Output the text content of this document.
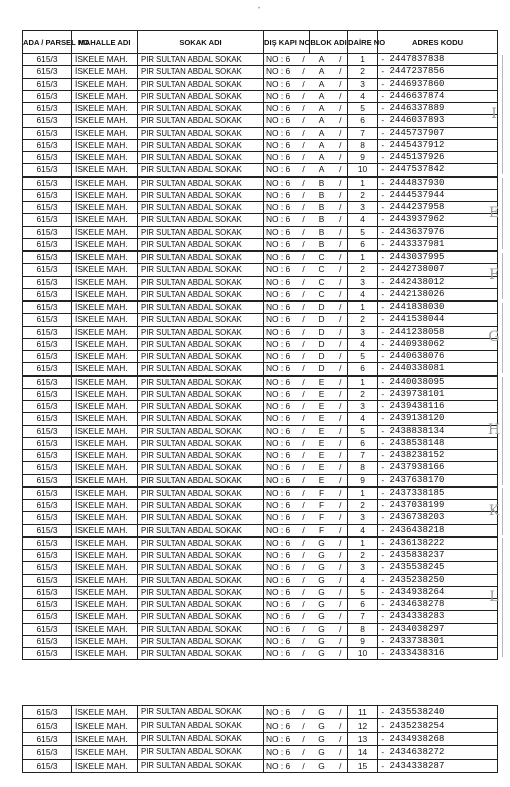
•
ADA / PARSEL NO	MAHALLE ADI	SOKAK ADI	DIŞ KAPI NO		BLOK ADI		DAİRE NO	ADRES KODU	
615/3	İSKELE MAH.	PIR SULTAN ABDAL SOKAK	NO : 6	/	A	/	1	-	2447837838
615/3	İSKELE MAH.	PIR SULTAN ABDAL SOKAK	NO : 6	/	A	/	2	-	2447237856
615/3	İSKELE MAH.	PIR SULTAN ABDAL SOKAK	NO : 6	/	A	/	3	-	2446937860
615/3	İSKELE MAH.	PIR SULTAN ABDAL SOKAK	NO : 6	/	A	/	4	-	2446637874
615/3	İSKELE MAH.	PIR SULTAN ABDAL SOKAK	NO : 6	/	A	/	5	-	2446337889
615/3	İSKELE MAH.	PIR SULTAN ABDAL SOKAK	NO : 6	/	A	/	6	-	2446037893
615/3	İSKELE MAH.	PIR SULTAN ABDAL SOKAK	NO : 6	/	A	/	7	-	2445737907
615/3	İSKELE MAH.	PIR SULTAN ABDAL SOKAK	NO : 6	/	A	/	8	-	2445437912
615/3	İSKELE MAH.	PIR SULTAN ABDAL SOKAK	NO : 6	/	A	/	9	-	2445137926
615/3	İSKELE MAH.	PIR SULTAN ABDAL SOKAK	NO : 6	/	A	/	10	-	2447537842
615/3	İSKELE MAH.	PIR SULTAN ABDAL SOKAK	NO : 6	/	B	/	1	-	2444837930
615/3	İSKELE MAH.	PIR SULTAN ABDAL SOKAK	NO : 6	/	B	/	2	-	2444537944
615/3	İSKELE MAH.	PIR SULTAN ABDAL SOKAK	NO : 6	/	B	/	3	-	2444237958
615/3	İSKELE MAH.	PIR SULTAN ABDAL SOKAK	NO : 6	/	B	/	4	-	2443937962
615/3	İSKELE MAH.	PIR SULTAN ABDAL SOKAK	NO : 6	/	B	/	5	-	2443637976
615/3	İSKELE MAH.	PIR SULTAN ABDAL SOKAK	NO : 6	/	B	/	6	-	2443337981
615/3	İSKELE MAH.	PIR SULTAN ABDAL SOKAK	NO : 6	/	C	/	1	-	2443037995
615/3	İSKELE MAH.	PIR SULTAN ABDAL SOKAK	NO : 6	/	C	/	2	-	2442738007
615/3	İSKELE MAH.	PIR SULTAN ABDAL SOKAK	NO : 6	/	C	/	3	-	2442438012
615/3	İSKELE MAH.	PIR SULTAN ABDAL SOKAK	NO : 6	/	C	/	4	-	2442138026
615/3	İSKELE MAH.	PIR SULTAN ABDAL SOKAK	NO : 6	/	D	/	1	-	2441838030
615/3	İSKELE MAH.	PIR SULTAN ABDAL SOKAK	NO : 6	/	D	/	2	-	2441538044
615/3	İSKELE MAH.	PIR SULTAN ABDAL SOKAK	NO : 6	/	D	/	3	-	2441238058
615/3	İSKELE MAH.	PIR SULTAN ABDAL SOKAK	NO : 6	/	D	/	4	-	2440938062
615/3	İSKELE MAH.	PIR SULTAN ABDAL SOKAK	NO : 6	/	D	/	5	-	2440638076
615/3	İSKELE MAH.	PIR SULTAN ABDAL SOKAK	NO : 6	/	D	/	6	-	2440338081
615/3	İSKELE MAH.	PIR SULTAN ABDAL SOKAK	NO : 6	/	E	/	1	-	2440038095
615/3	İSKELE MAH.	PIR SULTAN ABDAL SOKAK	NO : 6	/	E	/	2	-	2439738101
615/3	İSKELE MAH.	PIR SULTAN ABDAL SOKAK	NO : 6	/	E	/	3	-	2439438116
615/3	İSKELE MAH.	PIR SULTAN ABDAL SOKAK	NO : 6	/	E	/	4	-	2439138120
615/3	İSKELE MAH.	PIR SULTAN ABDAL SOKAK	NO : 6	/	E	/	5	-	2438838134
615/3	İSKELE MAH.	PIR SULTAN ABDAL SOKAK	NO : 6	/	E	/	6	-	2438538148
615/3	İSKELE MAH.	PIR SULTAN ABDAL SOKAK	NO : 6	/	E	/	7	-	2438238152
615/3	İSKELE MAH.	PIR SULTAN ABDAL SOKAK	NO : 6	/	E	/	8	-	2437938166
615/3	İSKELE MAH.	PIR SULTAN ABDAL SOKAK	NO : 6	/	E	/	9	-	2437638170
615/3	İSKELE MAH.	PIR SULTAN ABDAL SOKAK	NO : 6	/	F	/	1	-	2437338185
615/3	İSKELE MAH.	PIR SULTAN ABDAL SOKAK	NO : 6	/	F	/	2	-	2437038199
615/3	İSKELE MAH.	PIR SULTAN ABDAL SOKAK	NO : 6	/	F	/	3	-	2436738203
615/3	İSKELE MAH.	PIR SULTAN ABDAL SOKAK	NO : 6	/	F	/	4	-	2436438218
615/3	İSKELE MAH.	PIR SULTAN ABDAL SOKAK	NO : 6	/	G	/	1	-	2436138222
615/3	İSKELE MAH.	PIR SULTAN ABDAL SOKAK	NO : 6	/	G	/	2	-	2435838237
615/3	İSKELE MAH.	PIR SULTAN ABDAL SOKAK	NO : 6	/	G	/	3	-	2435538245
615/3	İSKELE MAH.	PIR SULTAN ABDAL SOKAK	NO : 6	/	G	/	4	-	2435238250
615/3	İSKELE MAH.	PIR SULTAN ABDAL SOKAK	NO : 6	/	G	/	5	-	2434938264
615/3	İSKELE MAH.	PIR SULTAN ABDAL SOKAK	NO : 6	/	G	/	6	-	2434638278
615/3	İSKELE MAH.	PIR SULTAN ABDAL SOKAK	NO : 6	/	G	/	7	-	2434338283
615/3	İSKELE MAH.	PIR SULTAN ABDAL SOKAK	NO : 6	/	G	/	8	-	2434038297
615/3	İSKELE MAH.	PIR SULTAN ABDAL SOKAK	NO : 6	/	G	/	9	-	2433738301
615/3	İSKELE MAH.	PIR SULTAN ABDAL SOKAK	NO : 6	/	G	/	10	-	2433438316
I
E
F
G
H
K
L
615/3	İSKELE MAH.	PIR SULTAN ABDAL SOKAK	NO : 6	/	G	/	11	-	2435538240
615/3	İSKELE MAH.	PIR SULTAN ABDAL SOKAK	NO : 6	/	G	/	12	-	2435238254
615/3	İSKELE MAH.	PIR SULTAN ABDAL SOKAK	NO : 6	/	G	/	13	-	2434938268
615/3	İSKELE MAH.	PIR SULTAN ABDAL SOKAK	NO : 6	/	G	/	14	-	2434638272
615/3	İSKELE MAH.	PIR SULTAN ABDAL SOKAK	NO : 6	/	G	/	15	-	2434338287
